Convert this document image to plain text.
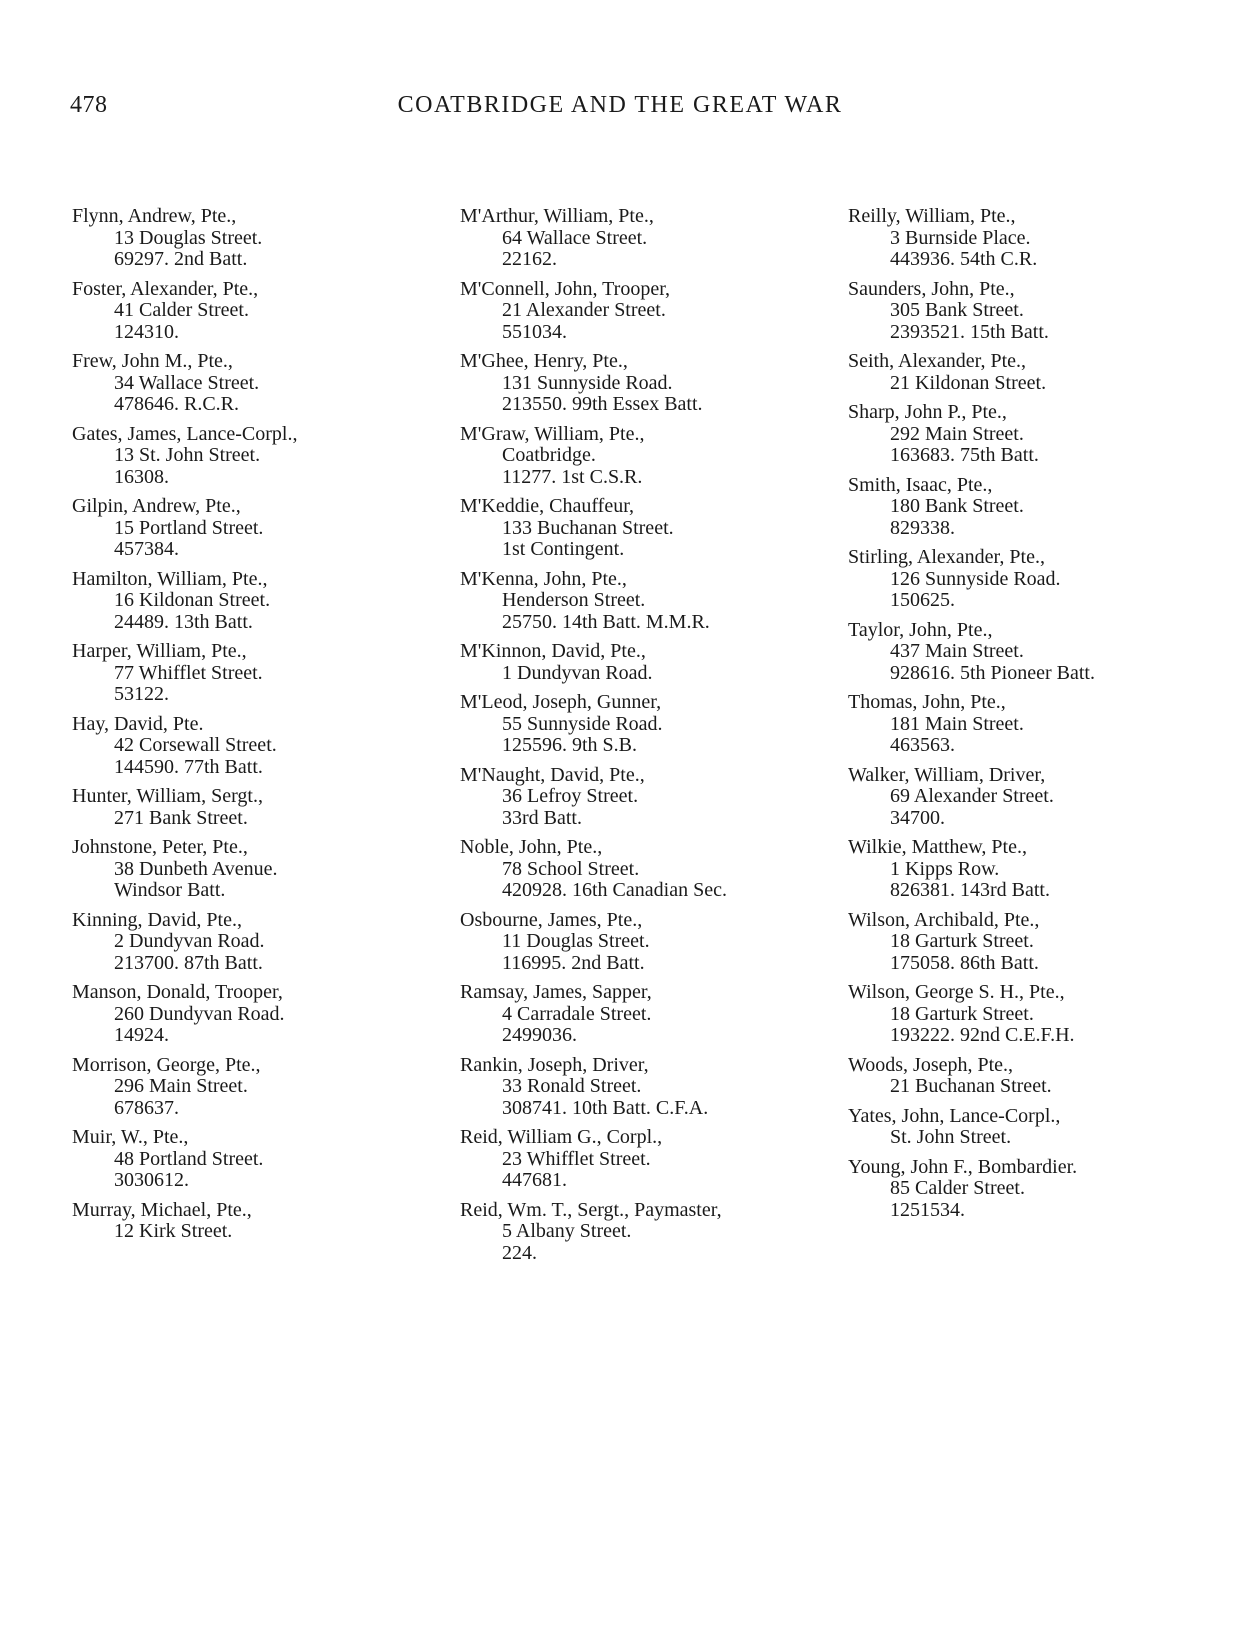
478	COATBRIDGE AND THE GREAT WAR
Flynn, Andrew, Pte.,
13 Douglas Street.
69297. 2nd Batt.
Foster, Alexander, Pte.,
41 Calder Street.
124310.
Frew, John M., Pte.,
34 Wallace Street.
478646. R.C.R.
Gates, James, Lance-Corpl.,
13 St. John Street.
16308.
Gilpin, Andrew, Pte.,
15 Portland Street.
457384.
Hamilton, William, Pte.,
16 Kildonan Street.
24489. 13th Batt.
Harper, William, Pte.,
77 Whifflet Street.
53122.
Hay, David, Pte.
42 Corsewall Street.
144590. 77th Batt.
Hunter, William, Sergt.,
271 Bank Street.
Johnstone, Peter, Pte.,
38 Dunbeth Avenue.
Windsor Batt.
Kinning, David, Pte.,
2 Dundyvan Road.
213700. 87th Batt.
Manson, Donald, Trooper,
260 Dundyvan Road.
14924.
Morrison, George, Pte.,
296 Main Street.
678637.
Muir, W., Pte.,
48 Portland Street.
3030612.
Murray, Michael, Pte.,
12 Kirk Street.
M'Arthur, William, Pte.,
64 Wallace Street.
22162.
M'Connell, John, Trooper,
21 Alexander Street.
551034.
M'Ghee, Henry, Pte.,
131 Sunnyside Road.
213550. 99th Essex Batt.
M'Graw, William, Pte.,
Coatbridge.
11277. 1st C.S.R.
M'Keddie, Chauffeur,
133 Buchanan Street.
1st Contingent.
M'Kenna, John, Pte.,
Henderson Street.
25750. 14th Batt. M.M.R.
M'Kinnon, David, Pte.,
1 Dundyvan Road.
M'Leod, Joseph, Gunner,
55 Sunnyside Road.
125596. 9th S.B.
M'Naught, David, Pte.,
36 Lefroy Street.
33rd Batt.
Noble, John, Pte.,
78 School Street.
420928. 16th Canadian Sec.
Osbourne, James, Pte.,
11 Douglas Street.
116995. 2nd Batt.
Ramsay, James, Sapper,
4 Carradale Street.
2499036.
Rankin, Joseph, Driver,
33 Ronald Street.
308741. 10th Batt. C.F.A.
Reid, William G., Corpl.,
23 Whifflet Street.
447681.
Reid, Wm. T., Sergt., Paymaster,
5 Albany Street.
224.
Reilly, William, Pte.,
3 Burnside Place.
443936. 54th C.R.
Saunders, John, Pte.,
305 Bank Street.
2393521. 15th Batt.
Seith, Alexander, Pte.,
21 Kildonan Street.
Sharp, John P., Pte.,
292 Main Street.
163683. 75th Batt.
Smith, Isaac, Pte.,
180 Bank Street.
829338.
Stirling, Alexander, Pte.,
126 Sunnyside Road.
150625.
Taylor, John, Pte.,
437 Main Street.
928616. 5th Pioneer Batt.
Thomas, John, Pte.,
181 Main Street.
463563.
Walker, William, Driver,
69 Alexander Street.
34700.
Wilkie, Matthew, Pte.,
1 Kipps Row.
826381. 143rd Batt.
Wilson, Archibald, Pte.,
18 Garturk Street.
175058. 86th Batt.
Wilson, George S. H., Pte.,
18 Garturk Street.
193222. 92nd C.E.F.H.
Woods, Joseph, Pte.,
21 Buchanan Street.
Yates, John, Lance-Corpl.,
St. John Street.
Young, John F., Bombardier.
85 Calder Street.
1251534.
